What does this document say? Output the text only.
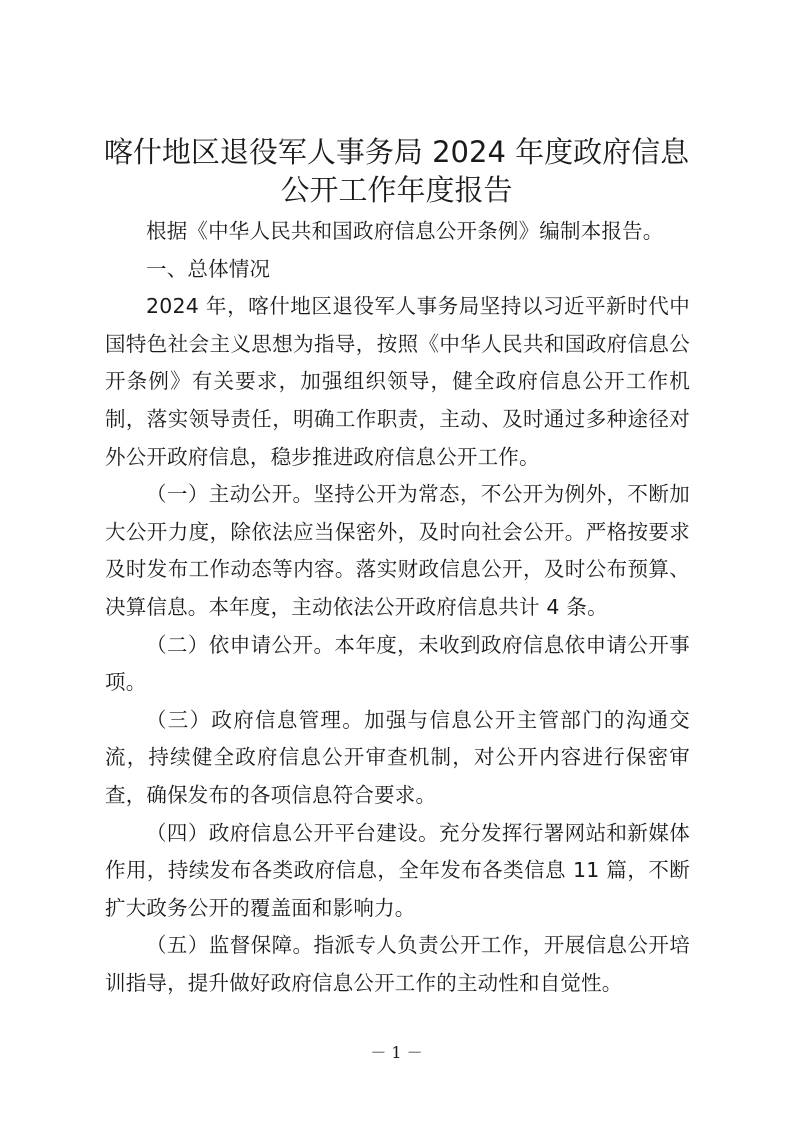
喀什地区退役军人事务局 2024 年度政府信息
公开工作年度报告

根据《中华人民共和国政府信息公开条例》编制本报告。

一、总体情况

2024 年，喀什地区退役军人事务局坚持以习近平新时代中国特色社会主义思想为指导，按照《中华人民共和国政府信息公开条例》有关要求，加强组织领导，健全政府信息公开工作机制，落实领导责任，明确工作职责，主动、及时通过多种途径对外公开政府信息，稳步推进政府信息公开工作。

（一）主动公开。坚持公开为常态，不公开为例外，不断加大公开力度，除依法应当保密外，及时向社会公开。严格按要求及时发布工作动态等内容。落实财政信息公开，及时公布预算、决算信息。本年度，主动依法公开政府信息共计 4 条。

（二）依申请公开。本年度，未收到政府信息依申请公开事项。

（三）政府信息管理。加强与信息公开主管部门的沟通交流，持续健全政府信息公开审查机制，对公开内容进行保密审查，确保发布的各项信息符合要求。

（四）政府信息公开平台建设。充分发挥行署网站和新媒体作用，持续发布各类政府信息，全年发布各类信息 11 篇，不断扩大政务公开的覆盖面和影响力。

（五）监督保障。指派专人负责公开工作，开展信息公开培训指导，提升做好政府信息公开工作的主动性和自觉性。

－ 1 －
